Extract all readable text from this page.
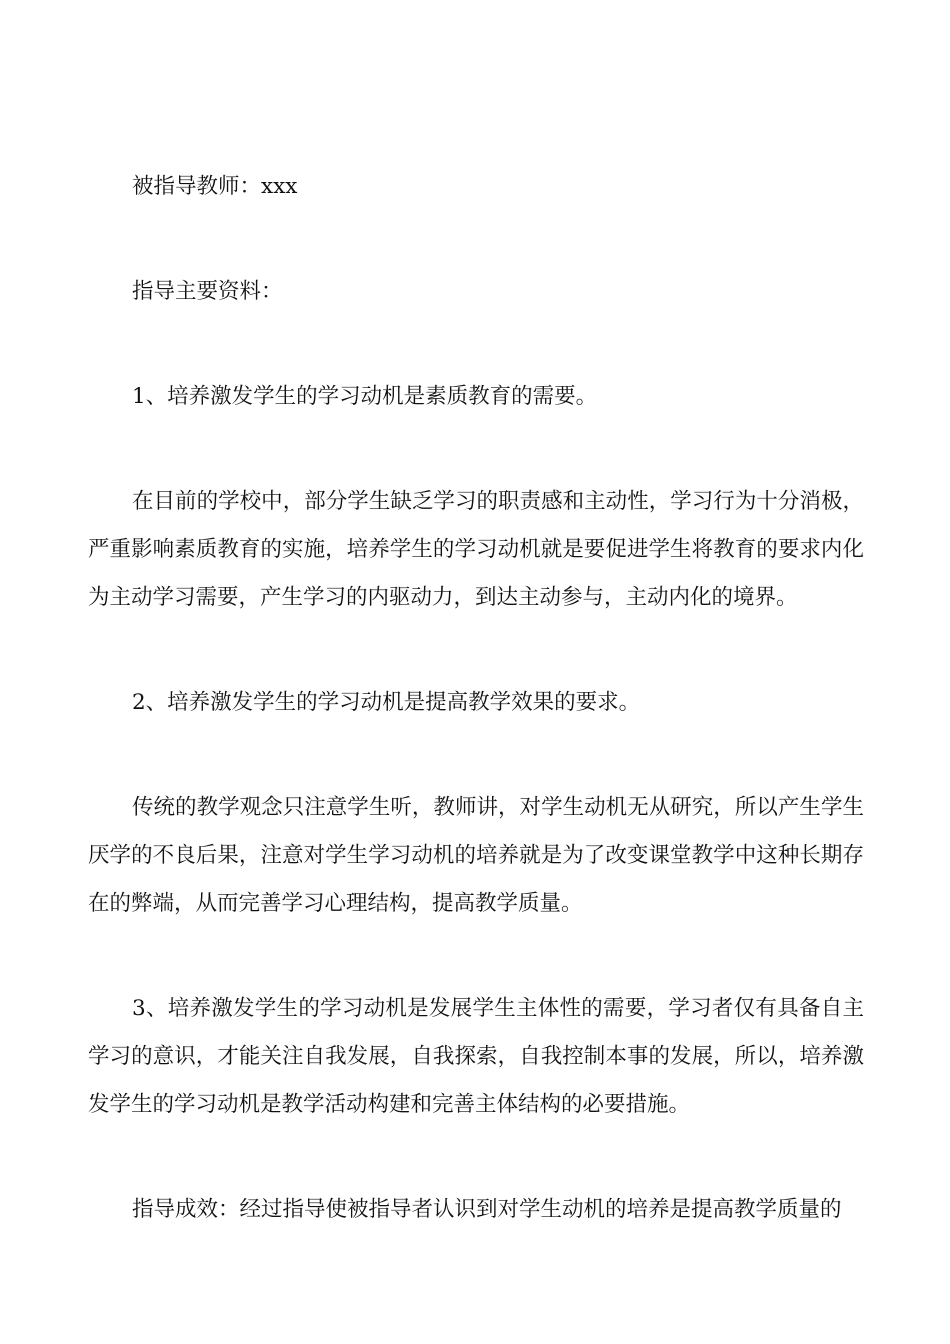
被指导教师：xxx

指导主要资料：

1、培养激发学生的学习动机是素质教育的需要。

在目前的学校中，部分学生缺乏学习的职责感和主动性，学习行为十分消极，严重影响素质教育的实施，培养学生的学习动机就是要促进学生将教育的要求内化为主动学习需要，产生学习的内驱动力，到达主动参与，主动内化的境界。

2、培养激发学生的学习动机是提高教学效果的要求。

传统的教学观念只注意学生听，教师讲，对学生动机无从研究，所以产生学生厌学的不良后果，注意对学生学习动机的培养就是为了改变课堂教学中这种长期存在的弊端，从而完善学习心理结构，提高教学质量。

3、培养激发学生的学习动机是发展学生主体性的需要，学习者仅有具备自主学习的意识，才能关注自我发展，自我探索，自我控制本事的发展，所以，培养激发学生的学习动机是教学活动构建和完善主体结构的必要措施。

指导成效：经过指导使被指导者认识到对学生动机的培养是提高教学质量的
